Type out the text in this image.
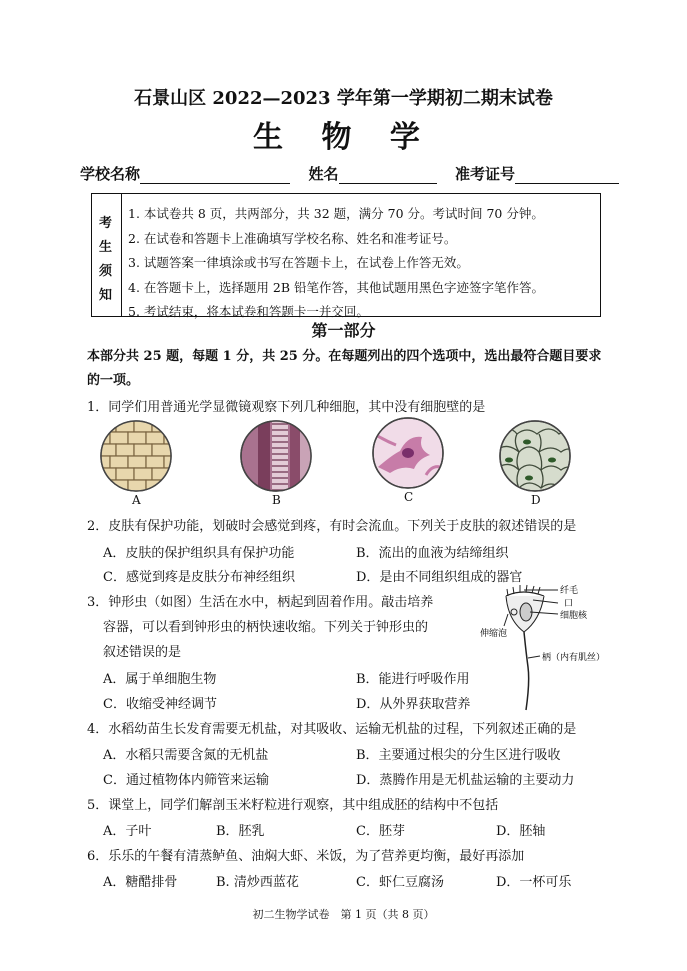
石景山区 2022—2023 学年第一学期初二期末试卷
生 物 学
学校名称	姓名	准考证号
考
生
须
知
1. 本试卷共 8 页，共两部分，共 32 题，满分 70 分。考试时间 70 分钟。
2. 在试卷和答题卡上准确填写学校名称、姓名和准考证号。
3. 试题答案一律填涂或书写在答题卡上，在试卷上作答无效。
4. 在答题卡上，选择题用 2B 铅笔作答，其他试题用黑色字迹签字笔作答。
5. 考试结束，将本试卷和答题卡一并交回。
第一部分
本部分共 25 题，每题 1 分，共 25 分。在每题列出的四个选项中，选出最符合题目要求的一项。
1．同学们用普通光学显微镜观察下列几种细胞，其中没有细胞壁的是
A	B	C	D
2．皮肤有保护功能，划破时会感觉到疼，有时会流血。下列关于皮肤的叙述错误的是
A．皮肤的保护组织具有保护功能	B．流出的血液为结缔组织
C．感觉到疼是皮肤分布神经组织	D．是由不同组织组成的器官
3．钟形虫（如图）生活在水中，柄起到固着作用。敲击培养
容器，可以看到钟形虫的柄快速收缩。下列关于钟形虫的
叙述错误的是
A．属于单细胞生物	B．能进行呼吸作用
C．收缩受神经调节	D．从外界获取营养
纤毛
口
细胞核
伸缩泡
柄（内有肌丝）
4．水稻幼苗生长发育需要无机盐，对其吸收、运输无机盐的过程，下列叙述正确的是
A．水稻只需要含氮的无机盐	B．主要通过根尖的分生区进行吸收
C．通过植物体内筛管来运输	D．蒸腾作用是无机盐运输的主要动力
5．课堂上，同学们解剖玉米籽粒进行观察，其中组成胚的结构中不包括
A．子叶	B．胚乳	C．胚芽	D．胚轴
6．乐乐的午餐有清蒸鲈鱼、油焖大虾、米饭，为了营养更均衡，最好再添加
A．糖醋排骨	B. 清炒西蓝花	C．虾仁豆腐汤	D．一杯可乐
初二生物学试卷　第 1 页（共 8 页）
